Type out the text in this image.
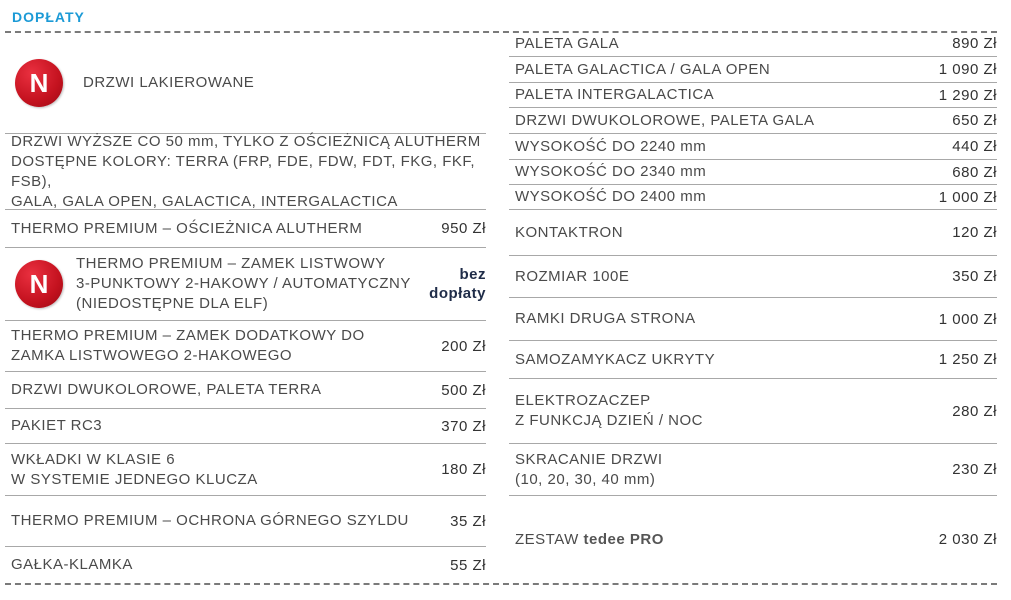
DOPŁATY
N DRZWI LAKIEROWANE
DRZWI WYŻSZE CO 50 mm, TYLKO Z OŚCIEŻNICĄ ALUTHERM
DOSTĘPNE KOLORY: TERRA (FRP, FDE, FDW, FDT, FKG, FKF, FSB),
GALA, GALA OPEN, GALACTICA, INTERGALACTICA
THERMO PREMIUM – OŚCIEŻNICA ALUTHERM	950 Zł
N
THERMO PREMIUM – ZAMEK LISTWOWY
3-PUNKTOWY 2-HAKOWY / AUTOMATYCZNY
(NIEDOSTĘPNE DLA ELF)
bez
dopłaty
THERMO PREMIUM – ZAMEK DODATKOWY DO
ZAMKA LISTWOWEGO 2-HAKOWEGO
200 Zł
DRZWI DWUKOLOROWE, PALETA TERRA	500 Zł
PAKIET RC3	370 Zł
WKŁADKI W KLASIE 6
W SYSTEMIE JEDNEGO KLUCZA
180 Zł
THERMO PREMIUM – OCHRONA GÓRNEGO SZYLDU	35 Zł
GAŁKA-KLAMKA	55 Zł
PALETA GALA	890 Zł
PALETA GALACTICA / GALA OPEN	1 090 Zł
PALETA INTERGALACTICA	1 290 Zł
DRZWI DWUKOLOROWE, PALETA GALA	650 Zł
WYSOKOŚĆ DO 2240 mm	440 Zł
WYSOKOŚĆ DO 2340 mm	680 Zł
WYSOKOŚĆ DO 2400 mm	1 000 Zł
KONTAKTRON	120 Zł
ROZMIAR 100E	350 Zł
RAMKI DRUGA STRONA	1 000 Zł
SAMOZAMYKACZ UKRYTY	1 250 Zł
ELEKTROZACZEP
Z FUNKCJĄ DZIEŃ / NOC
280 Zł
SKRACANIE DRZWI
(10, 20, 30, 40 mm)
230 Zł
ZESTAW tedee PRO	2 030 Zł
